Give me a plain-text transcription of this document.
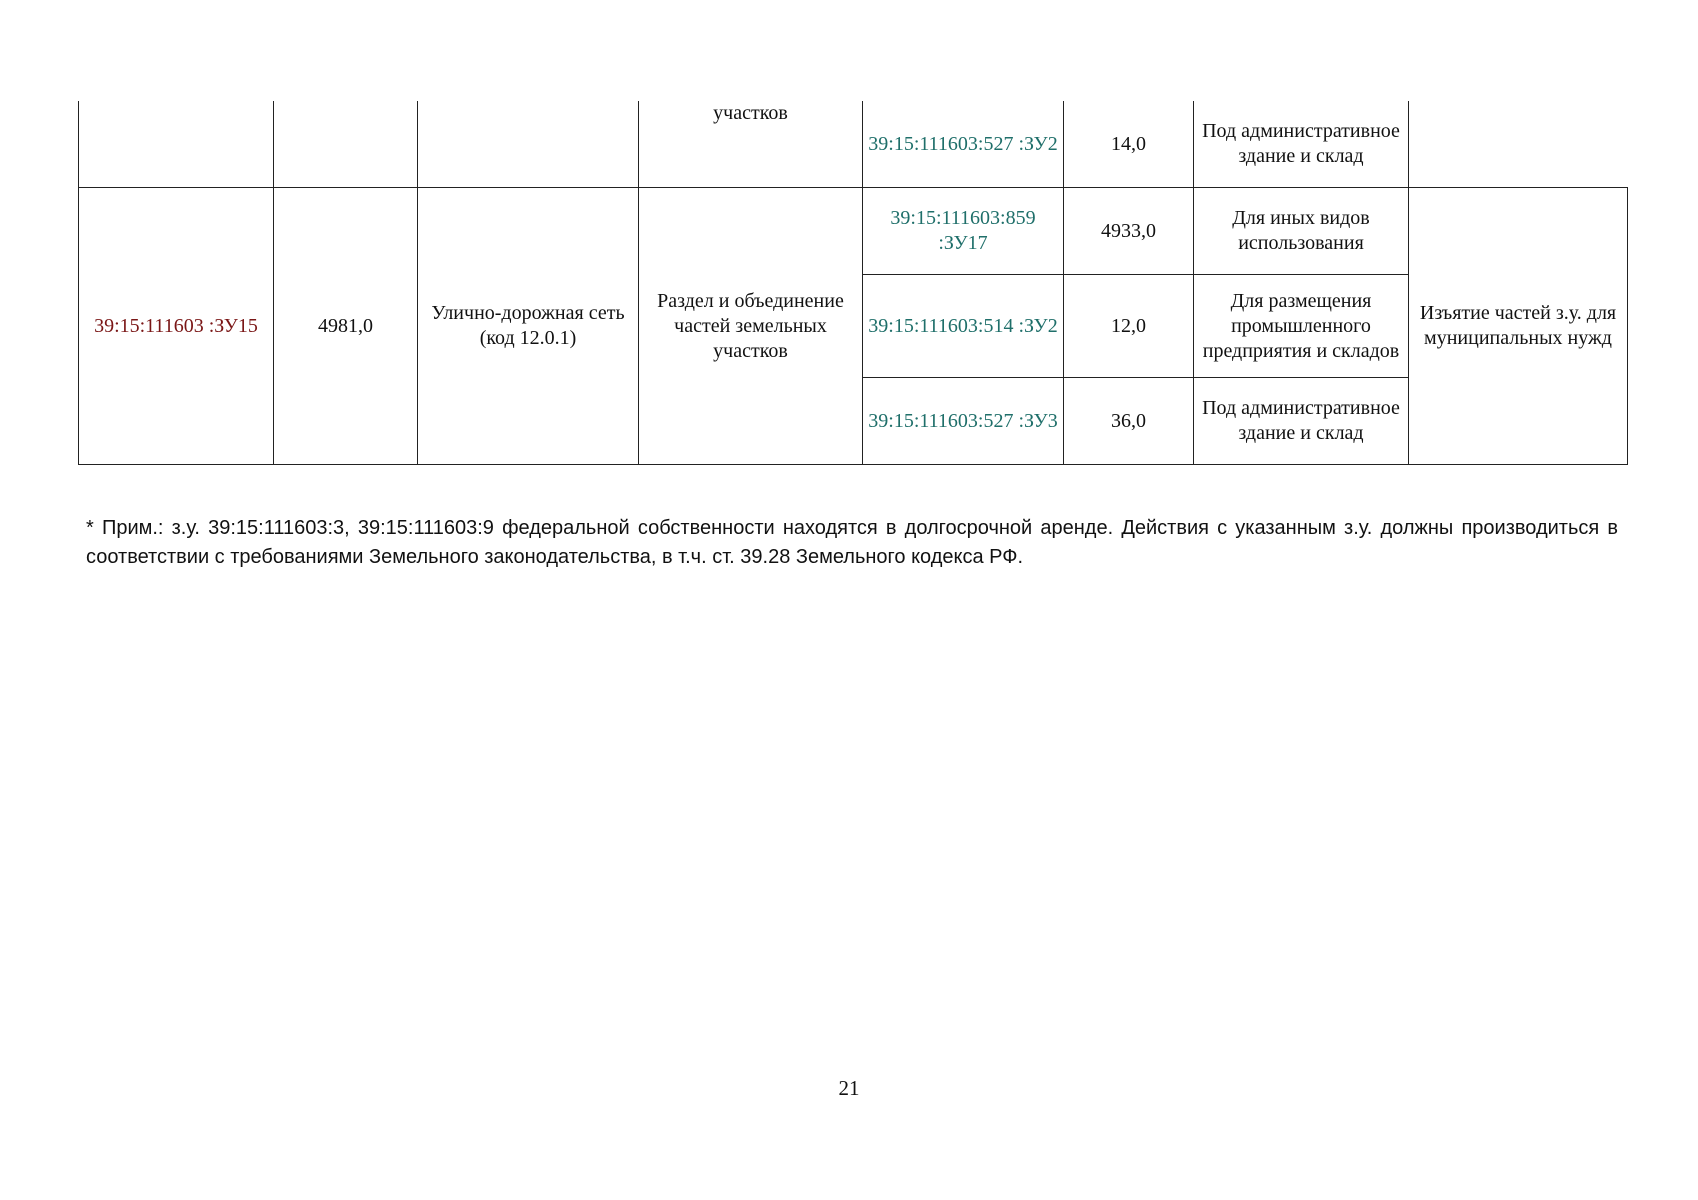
			участков	39:15:111603:527 :ЗУ2	14,0	Под административное здание и склад	
39:15:111603 :ЗУ15	4981,0	Улично-дорожная сеть (код 12.0.1)	Раздел и объединение частей земельных участков	39:15:111603:859 :ЗУ17	4933,0	Для иных видов использования	Изъятие частей з.у. для муниципальных нужд
				39:15:111603:514 :ЗУ2	12,0	Для размещения промышленного предприятия и складов	
				39:15:111603:527 :ЗУ3	36,0	Под административное здание и склад	

* Прим.: з.у. 39:15:111603:3, 39:15:111603:9 федеральной собственности находятся в долгосрочной аренде. Действия с указанным з.у. должны производиться в соответствии с требованиями Земельного законодательства, в т.ч. ст. 39.28 Земельного кодекса РФ.

21
